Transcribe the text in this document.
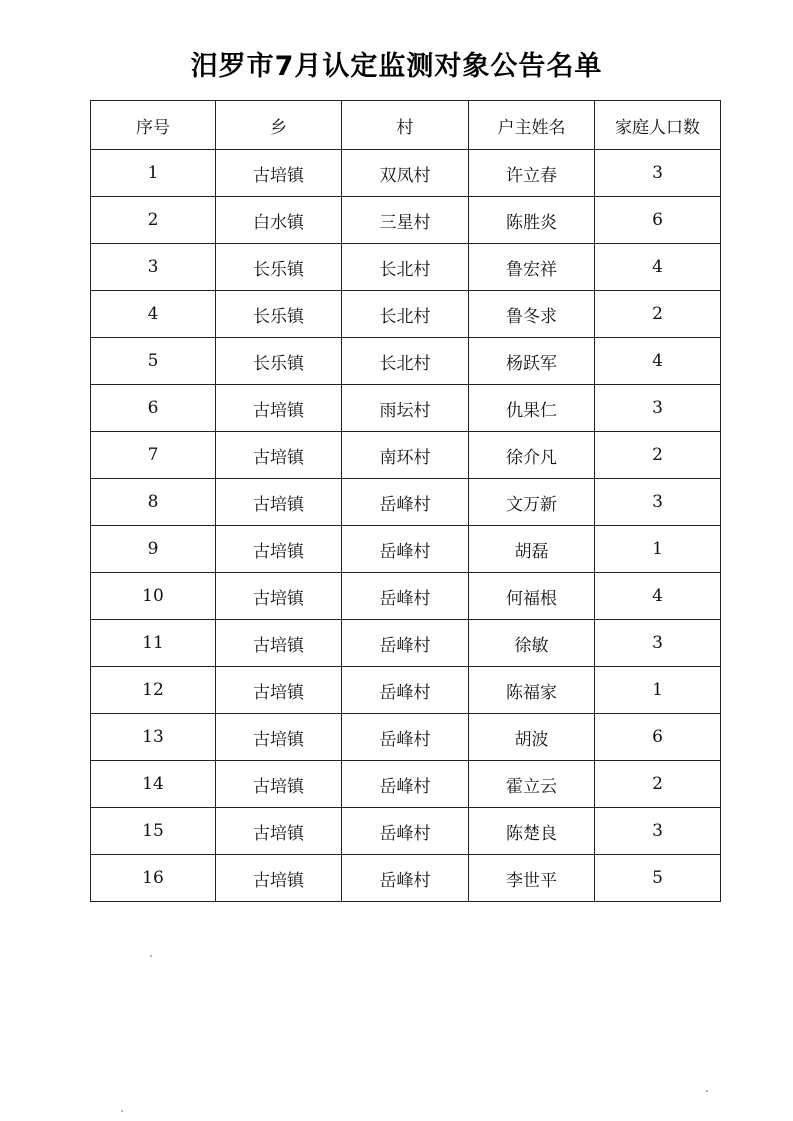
汨罗市7月认定监测对象公告名单
序号	乡	村	户主姓名	家庭人口数
1	古培镇	双凤村	许立春	3
2	白水镇	三星村	陈胜炎	6
3	长乐镇	长北村	鲁宏祥	4
4	长乐镇	长北村	鲁冬求	2
5	长乐镇	长北村	杨跃军	4
6	古培镇	雨坛村	仇果仁	3
7	古培镇	南环村	徐介凡	2
8	古培镇	岳峰村	文万新	3
9	古培镇	岳峰村	胡磊	1
10	古培镇	岳峰村	何福根	4
11	古培镇	岳峰村	徐敏	3
12	古培镇	岳峰村	陈福家	1
13	古培镇	岳峰村	胡波	6
14	古培镇	岳峰村	霍立云	2
15	古培镇	岳峰村	陈楚良	3
16	古培镇	岳峰村	李世平	5
